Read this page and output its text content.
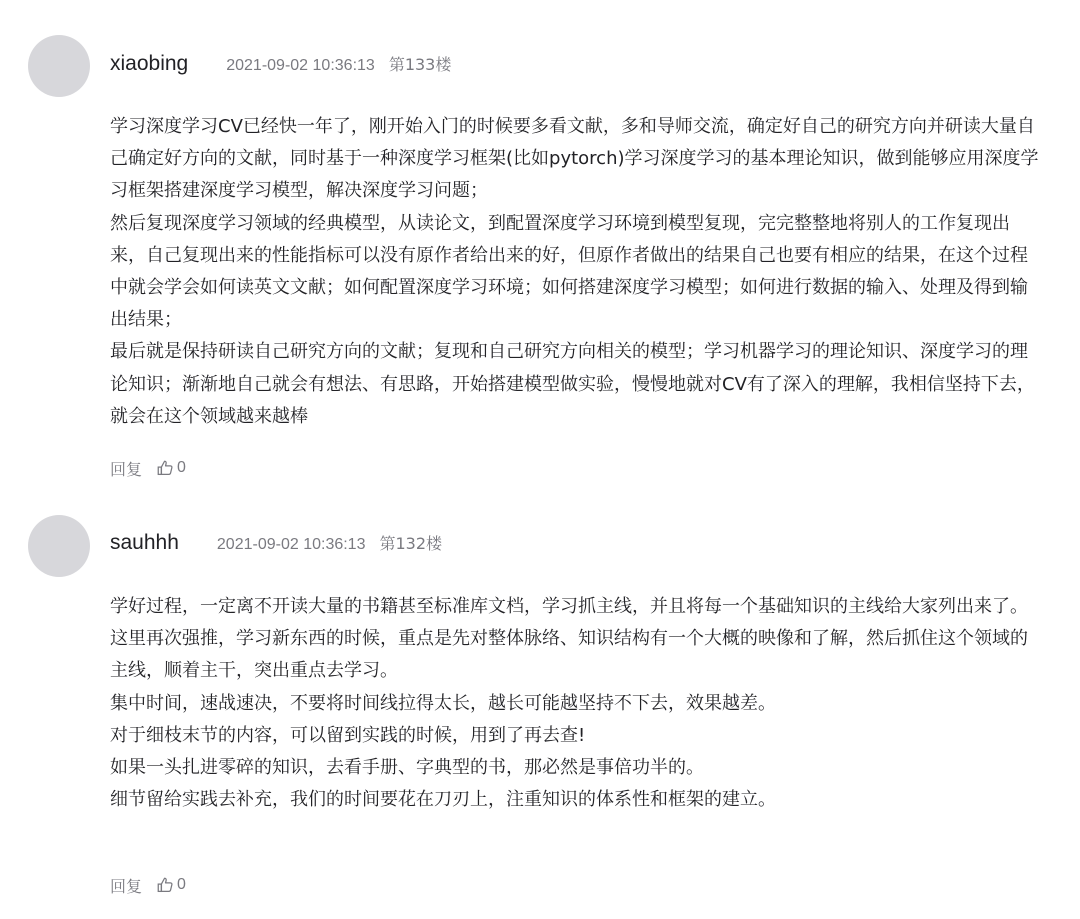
xiaobing 2021-09-02 10:36:13 第133楼

学习深度学习CV已经快一年了，刚开始入门的时候要多看文献，多和导师交流，确定好自己的研究方向并研读大量自己确定好方向的文献，同时基于一种深度学习框架(比如pytorch)学习深度学习的基本理论知识，做到能够应用深度学习框架搭建深度学习模型，解决深度学习问题；

然后复现深度学习领域的经典模型，从读论文，到配置深度学习环境到模型复现，完完整整地将别人的工作复现出来，自己复现出来的性能指标可以没有原作者给出来的好，但原作者做出的结果自己也要有相应的结果，在这个过程中就会学会如何读英文文献；如何配置深度学习环境；如何搭建深度学习模型；如何进行数据的输入、处理及得到输出结果；

最后就是保持研读自己研究方向的文献；复现和自己研究方向相关的模型；学习机器学习的理论知识、深度学习的理论知识；渐渐地自己就会有想法、有思路，开始搭建模型做实验，慢慢地就对CV有了深入的理解，我相信坚持下去，就会在这个领域越来越棒

回复 0
sauhhh 2021-09-02 10:36:13 第132楼

学好过程，一定离不开读大量的书籍甚至标准库文档，学习抓主线，并且将每一个基础知识的主线给大家列出来了。

这里再次强推，学习新东西的时候，重点是先对整体脉络、知识结构有一个大概的映像和了解，然后抓住这个领域的主线，顺着主干，突出重点去学习。

集中时间，速战速决，不要将时间线拉得太长，越长可能越坚持不下去，效果越差。

对于细枝末节的内容，可以留到实践的时候，用到了再去查!

如果一头扎进零碎的知识，去看手册、字典型的书，那必然是事倍功半的。

细节留给实践去补充，我们的时间要花在刀刃上，注重知识的体系性和框架的建立。

回复 0
